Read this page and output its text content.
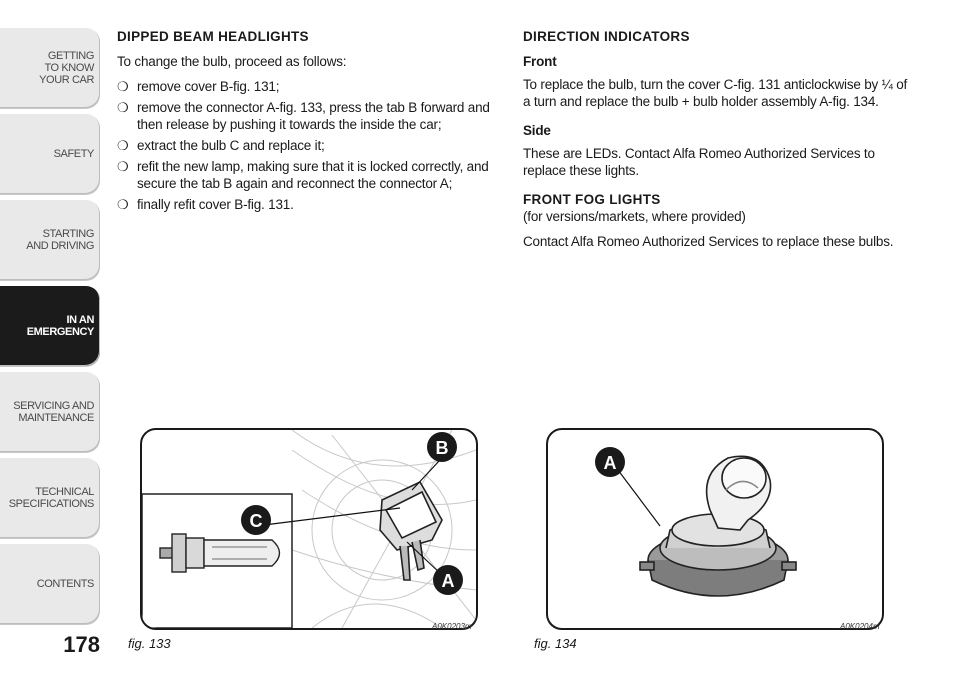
GETTING
TO KNOW
YOUR CAR
SAFETY
STARTING
AND DRIVING
IN AN
EMERGENCY
SERVICING AND
MAINTENANCE
TECHNICAL
SPECIFICATIONS
CONTENTS
178
DIPPED BEAM HEADLIGHTS

To change the bulb, proceed as follows:

❍ remove cover B-fig. 131;
❍ remove the connector A-fig. 133, press the tab B forward and then release by pushing it towards the inside the car;
❍ extract the bulb C and replace it;
❍ refit the new lamp, making sure that it is locked correctly, and secure the tab B again and reconnect the connector A;
❍ finally refit cover B-fig. 131.
DIRECTION INDICATORS
Front

To replace the bulb, turn the cover C-fig. 131 anticlockwise by ¼ of a turn and replace the bulb + bulb holder assembly A-fig. 134.

Side

These are LEDs. Contact Alfa Romeo Authorized Services to replace these lights.

FRONT FOG LIGHTS

(for versions/markets, where provided)

Contact Alfa Romeo Authorized Services to replace these bulbs.

B
C
A
fig. 133
A0K0203m
A
fig. 134
A0K0204m
